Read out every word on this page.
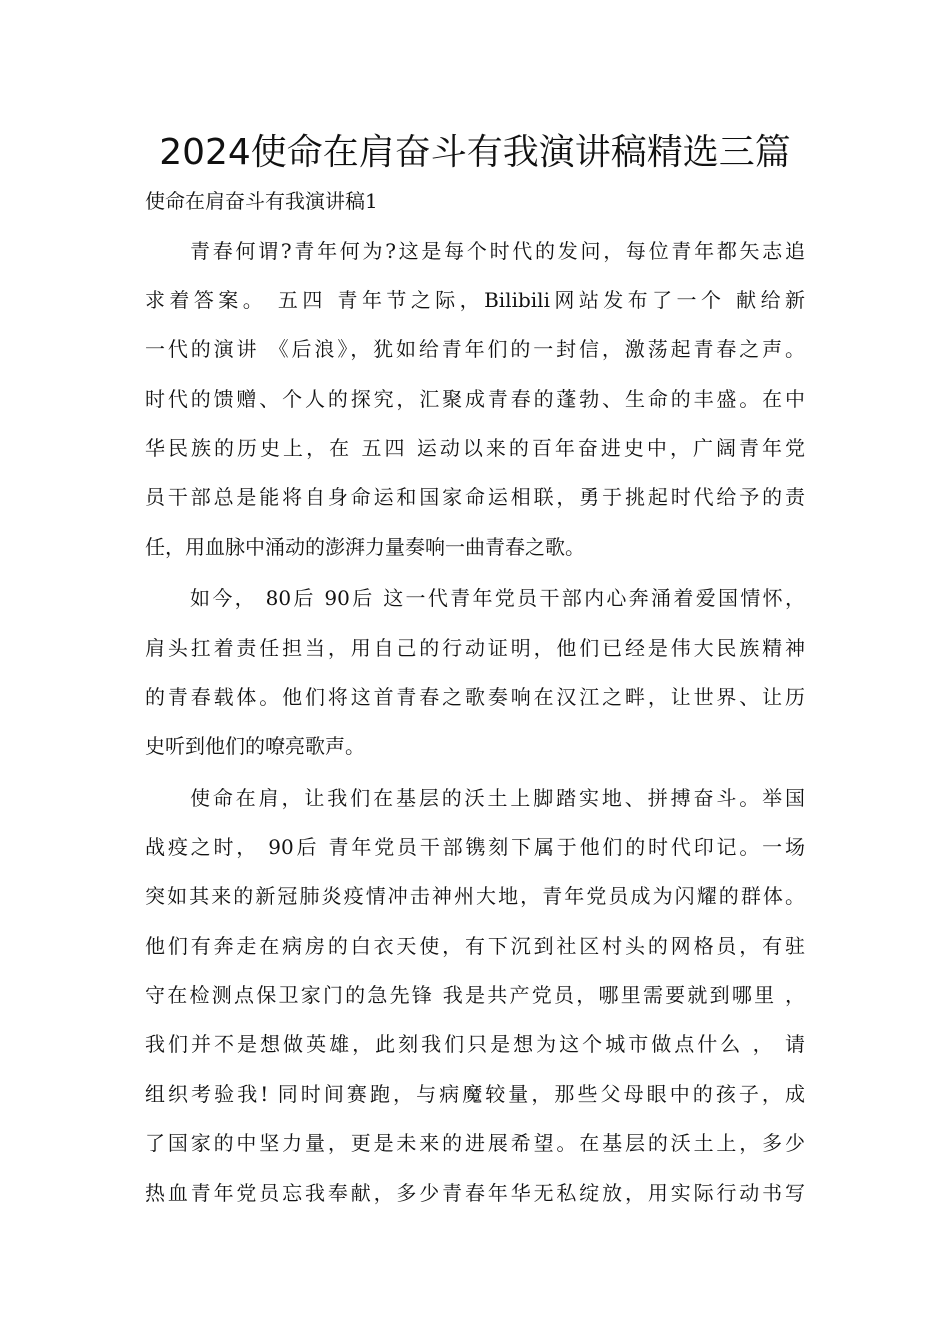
2024使命在肩奋斗有我演讲稿精选三篇
使命在肩奋斗有我演讲稿1
青春何谓?青年何为?这是每个时代的发问，每位青年都矢志追
求着答案。 五四 青年节之际，Bilibili网站发布了一个 献给新
一代的演讲 《后浪》，犹如给青年们的一封信，激荡起青春之声。
时代的馈赠、个人的探究，汇聚成青春的蓬勃、生命的丰盛。在中
华民族的历史上，在 五四 运动以来的百年奋进史中，广阔青年党
员干部总是能将自身命运和国家命运相联，勇于挑起时代给予的责
任，用血脉中涌动的澎湃力量奏响一曲青春之歌。
如今， 80后 90后 这一代青年党员干部内心奔涌着爱国情怀，
肩头扛着责任担当，用自己的行动证明，他们已经是伟大民族精神
的青春载体。他们将这首青春之歌奏响在汉江之畔，让世界、让历
史听到他们的嘹亮歌声。
使命在肩，让我们在基层的沃土上脚踏实地、拼搏奋斗。举国
战疫之时， 90后 青年党员干部镌刻下属于他们的时代印记。一场
突如其来的新冠肺炎疫情冲击神州大地，青年党员成为闪耀的群体。
他们有奔走在病房的白衣天使，有下沉到社区村头的网格员，有驻
守在检测点保卫家门的急先锋 我是共产党员，哪里需要就到哪里 ，
我们并不是想做英雄，此刻我们只是想为这个城市做点什么 ， 请
组织考验我! 同时间赛跑，与病魔较量，那些父母眼中的孩子，成
了国家的中坚力量，更是未来的进展希望。在基层的沃土上，多少
热血青年党员忘我奉献，多少青春年华无私绽放，用实际行动书写
